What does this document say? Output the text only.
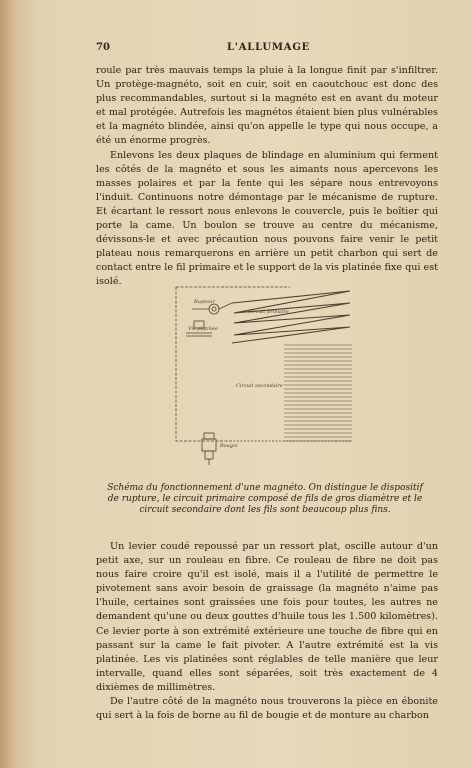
70	L'ALLUMAGE

roule par très mauvais temps la pluie à la longue finit par s'infiltrer. Un protège-magnéto, soit en cuir, soit en caoutchouc est donc des plus recommandables, surtout si la magnéto est en avant du moteur et mal protégée. Autrefois les magnétos étaient bien plus vulnérables et la magnéto blindée, ainsi qu'on appelle le type qui nous occupe, a été un énorme progrès.

Enlevons les deux plaques de blindage en aluminium qui ferment les côtés de la magnéto et sous les aimants nous apercevons les masses polaires et par la fente qui les sépare nous entrevoyons l'induit. Continuons notre démontage par le mécanisme de rupture. Et écartant le ressort nous enlevons le couvercle, puis le boîtier qui porte la came. Un boulon se trouve au centre du mécanisme, dévissons-le et avec précaution nous pouvons faire venir le petit plateau nous remarquerons en arrière un petit charbon qui sert de contact entre le fil primaire et le support de la vis platinée fixe qui est isolé.

Rupteur
Vis platinée
Circuit primaire
Circuit secondaire
Bougie
Schéma du fonctionnement d'une magnéto. On distingue le dispositif de rupture, le circuit primaire composé de fils de gros diamètre et le circuit secondaire dont les fils sont beaucoup plus fins.

Un levier coudé repoussé par un ressort plat, oscille autour d'un petit axe, sur un rouleau en fibre. Ce rouleau de fibre ne doit pas nous faire croire qu'il est isolé, mais il a l'utilité de permettre le pivotement sans avoir besoin de graissage (la magnéto n'aime pas l'huile, certaines sont graissées une fois pour toutes, les autres ne demandent qu'une ou deux gouttes d'huile tous les 1.500 kilomètres). Ce levier porte à son extrémité extérieure une touche de fibre qui en passant sur la came le fait pivoter. A l'autre extrémité est la vis platinée. Les vis platinées sont réglables de telle manière que leur intervalle, quand elles sont séparées, soit très exactement de 4 dixièmes de millimètres.

De l'autre côté de la magnéto nous trouverons la pièce en ébonite qui sert à la fois de borne au fil de bougie et de monture au charbon
